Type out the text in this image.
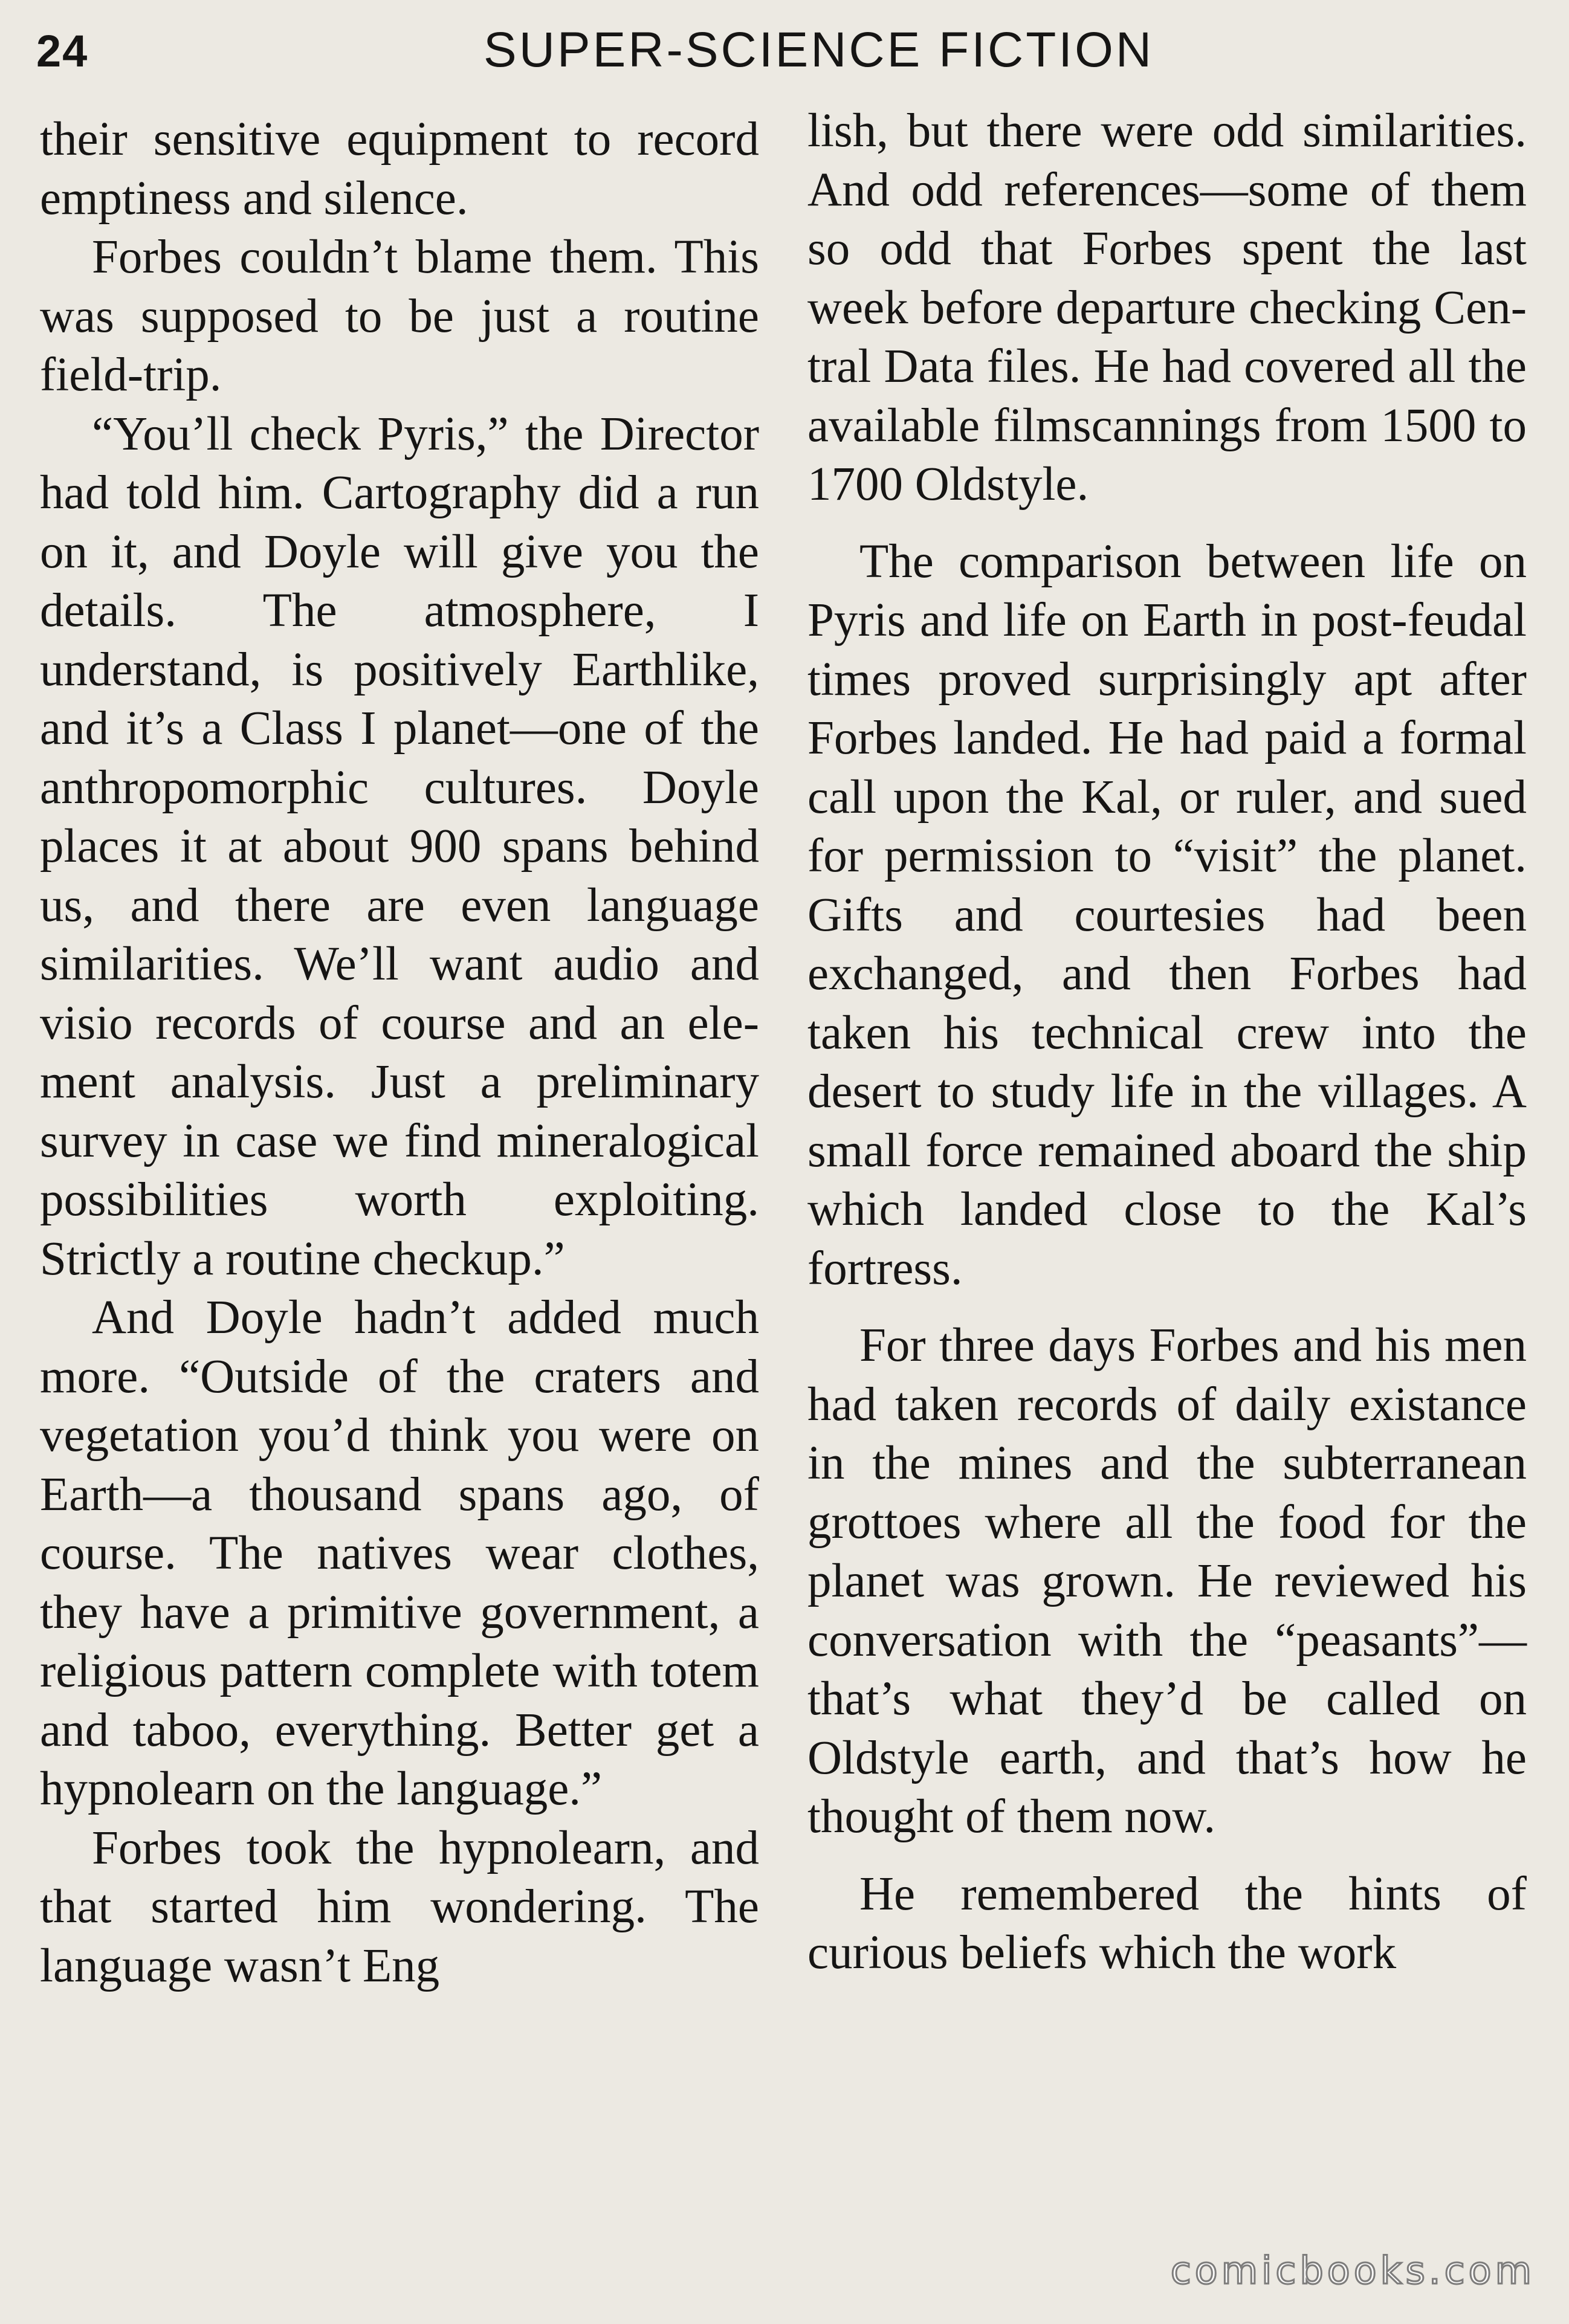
24	SUPER-SCIENCE FICTION

their sensitive equipment to record emptiness and silence.

Forbes couldn’t blame them. This was supposed to be just a routine field-trip.

“You’ll check Pyris,” the Director had told him. Cartography did a run on it, and Doyle will give you the details. The atmosphere, I understand, is positively Earthlike, and it’s a Class I planet—one of the anthropomorphic cultures. Doyle places it at about 900 spans behind us, and there are even language similarities. We’ll want audio and visio records of course and an element analysis. Just a preliminary survey in case we find mineralogical possibilities worth exploiting. Strictly a routine checkup.”

And Doyle hadn’t added much more. “Outside of the craters and vegetation you’d think you were on Earth—a thousand spans ago, of course. The natives wear clothes, they have a primitive government, a religious pattern complete with totem and taboo, everything. Better get a hypnolearn on the language.”

Forbes took the hypnolearn, and that started him wondering. The language wasn’t Eng

lish, but there were odd similarities. And odd references—some of them so odd that Forbes spent the last week before departure checking Central Data files. He had covered all the available filmscannings from 1500 to 1700 Oldstyle.

The comparison between life on Pyris and life on Earth in post-feudal times proved surprisingly apt after Forbes landed. He had paid a formal call upon the Kal, or ruler, and sued for permission to “visit” the planet. Gifts and courtesies had been exchanged, and then Forbes had taken his technical crew into the desert to study life in the villages. A small force remained aboard the ship which landed close to the Kal’s fortress.

For three days Forbes and his men had taken records of daily existance in the mines and the subterranean grottoes where all the food for the planet was grown. He reviewed his conversation with the “peasants”—that’s what they’d be called on Oldstyle earth, and that’s how he thought of them now.

He remembered the hints of curious beliefs which the work

comicbooks.com
